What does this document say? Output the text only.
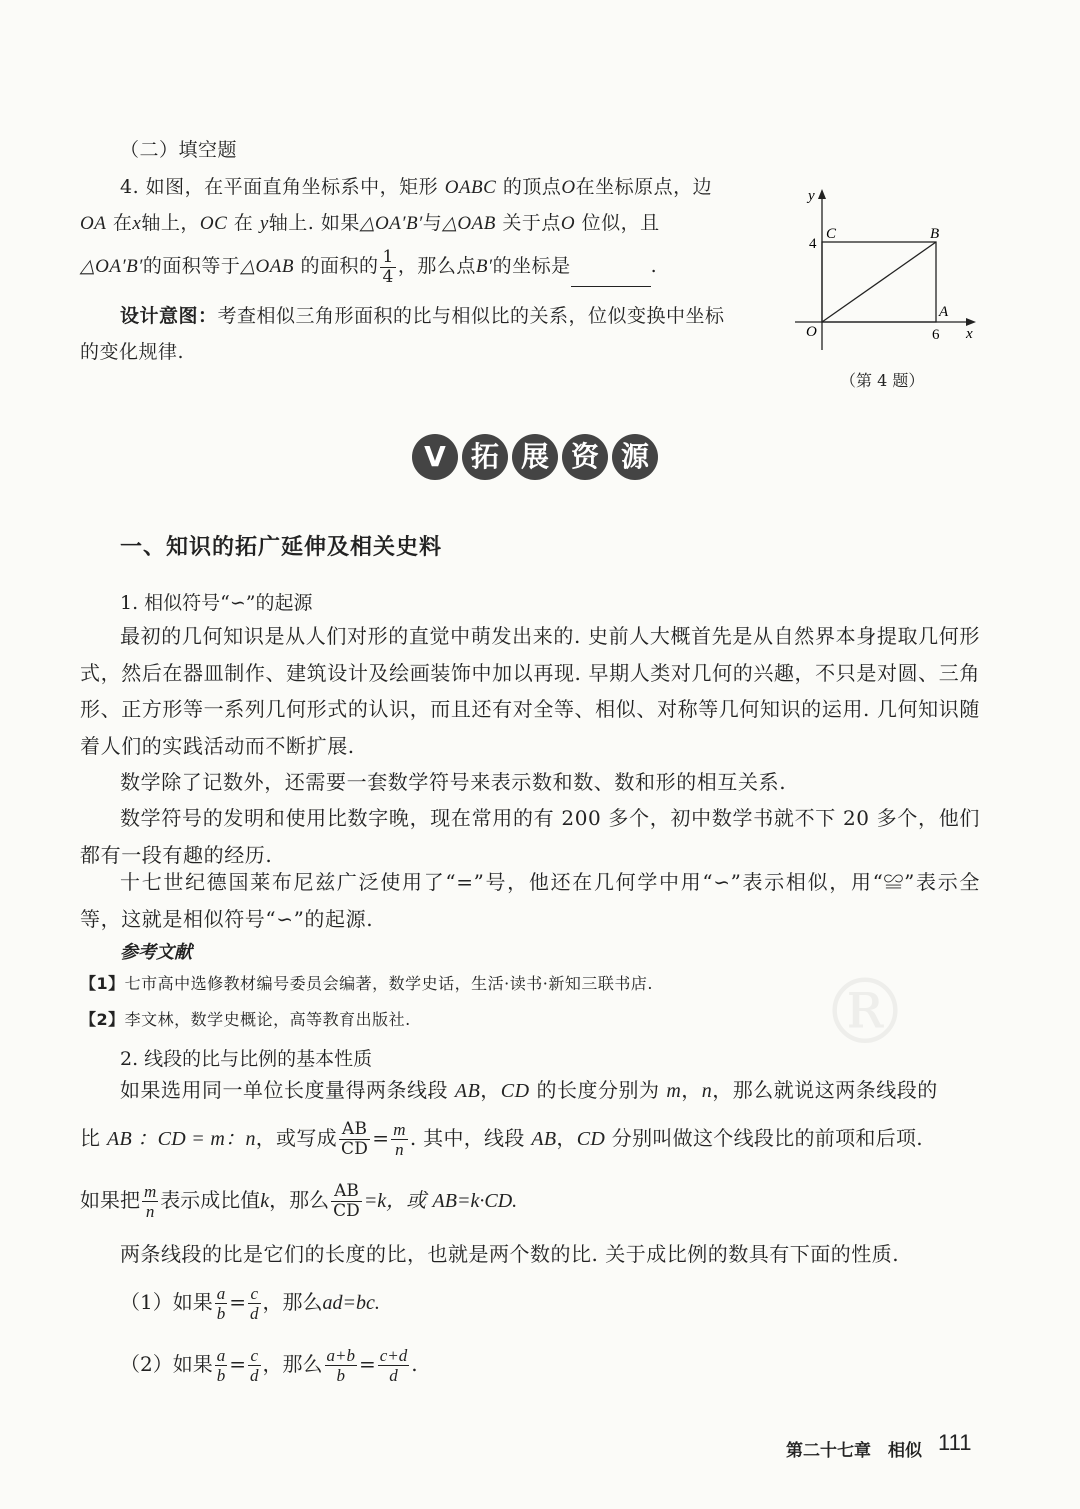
®
（二）填空题
4. 如图，在平面直角坐标系中，矩形 OABC 的顶点O在坐标原点，边
OA 在x轴上，OC 在 y轴上. 如果△OA′B′与△OAB 关于点O 位似，且
△OA′B′的面积等于△OAB 的面积的 $\frac{1}{4}$ ，那么点B′的坐标是	.
设计意图：考查相似三角形面积的比与相似比的关系，位似变换中坐标
的变化规律.
y
x
C	B
A
O
4
6
（第 4 题）
V 拓 展 资 源
一、知识的拓广延伸及相关史料
1. 相似符号“∽”的起源
最初的几何知识是从人们对形的直觉中萌发出来的. 史前人大概首先是从自然界本身提取几何形式，然后在器皿制作、建筑设计及绘画装饰中加以再现. 早期人类对几何的兴趣，不只是对圆、三角形、正方形等一系列几何形式的认识，而且还有对全等、相似、对称等几何知识的运用. 几何知识随着人们的实践活动而不断扩展.
数学除了记数外，还需要一套数学符号来表示数和数、数和形的相互关系.
数学符号的发明和使用比数字晚，现在常用的有 200 多个，初中数学书就不下 20 多个，他们都有一段有趣的经历.
十七世纪德国莱布尼兹广泛使用了“=”号，他还在几何学中用“∽”表示相似，用“≌”表示全等，这就是相似符号“∽”的起源.
参考文献
【1】七市高中选修教材编号委员会编著，数学史话，生活·读书·新知三联书店.
【2】李文林，数学史概论，高等教育出版社.
2. 线段的比与比例的基本性质
如果选用同一单位长度量得两条线段 AB，CD 的长度分别为 m，n，那么就说这两条线段的
比 AB ：CD = m：n，或写成 $\frac{AB}{CD} = \frac{m}{n}$ . 其中，线段 AB，CD 分别叫做这个线段比的前项和后项.
如果把 $\frac{m}{n}$ 表示成比值k，那么 $\frac{AB}{CD} =k$，或 AB=k·CD.
两条线段的比是它们的长度的比，也就是两个数的比. 关于成比例的数具有下面的性质.
（1）如果 $\frac{a}{b} = \frac{c}{d}$ ，那么ad=bc.
（2）如果 $\frac{a}{b} = \frac{c}{d}$ ，那么 $\frac{a+b}{b} = \frac{c+d}{d}$ .
第二十七章　相似 111
